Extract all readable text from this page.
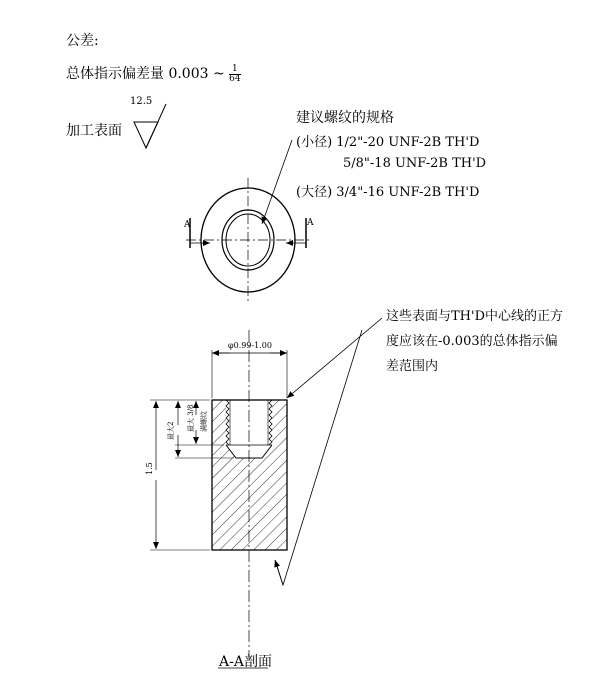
公差:
总体指示偏差量 0.003 ~ $\frac{1}{64}$
加工表面
12.5
建议螺纹的规格
(小径) 1/2"-20 UNF-2B TH'D
5/8"-18 UNF-2B TH'D
(大径) 3/4"-16 UNF-2B TH'D
A	A
这些表面与TH'D中心线的正方
度应该在-0.003的总体指示偏
差范围内
φ0.99-1.00
1.5
最大2 最大 3/8 满螺纹
A-A剖面
